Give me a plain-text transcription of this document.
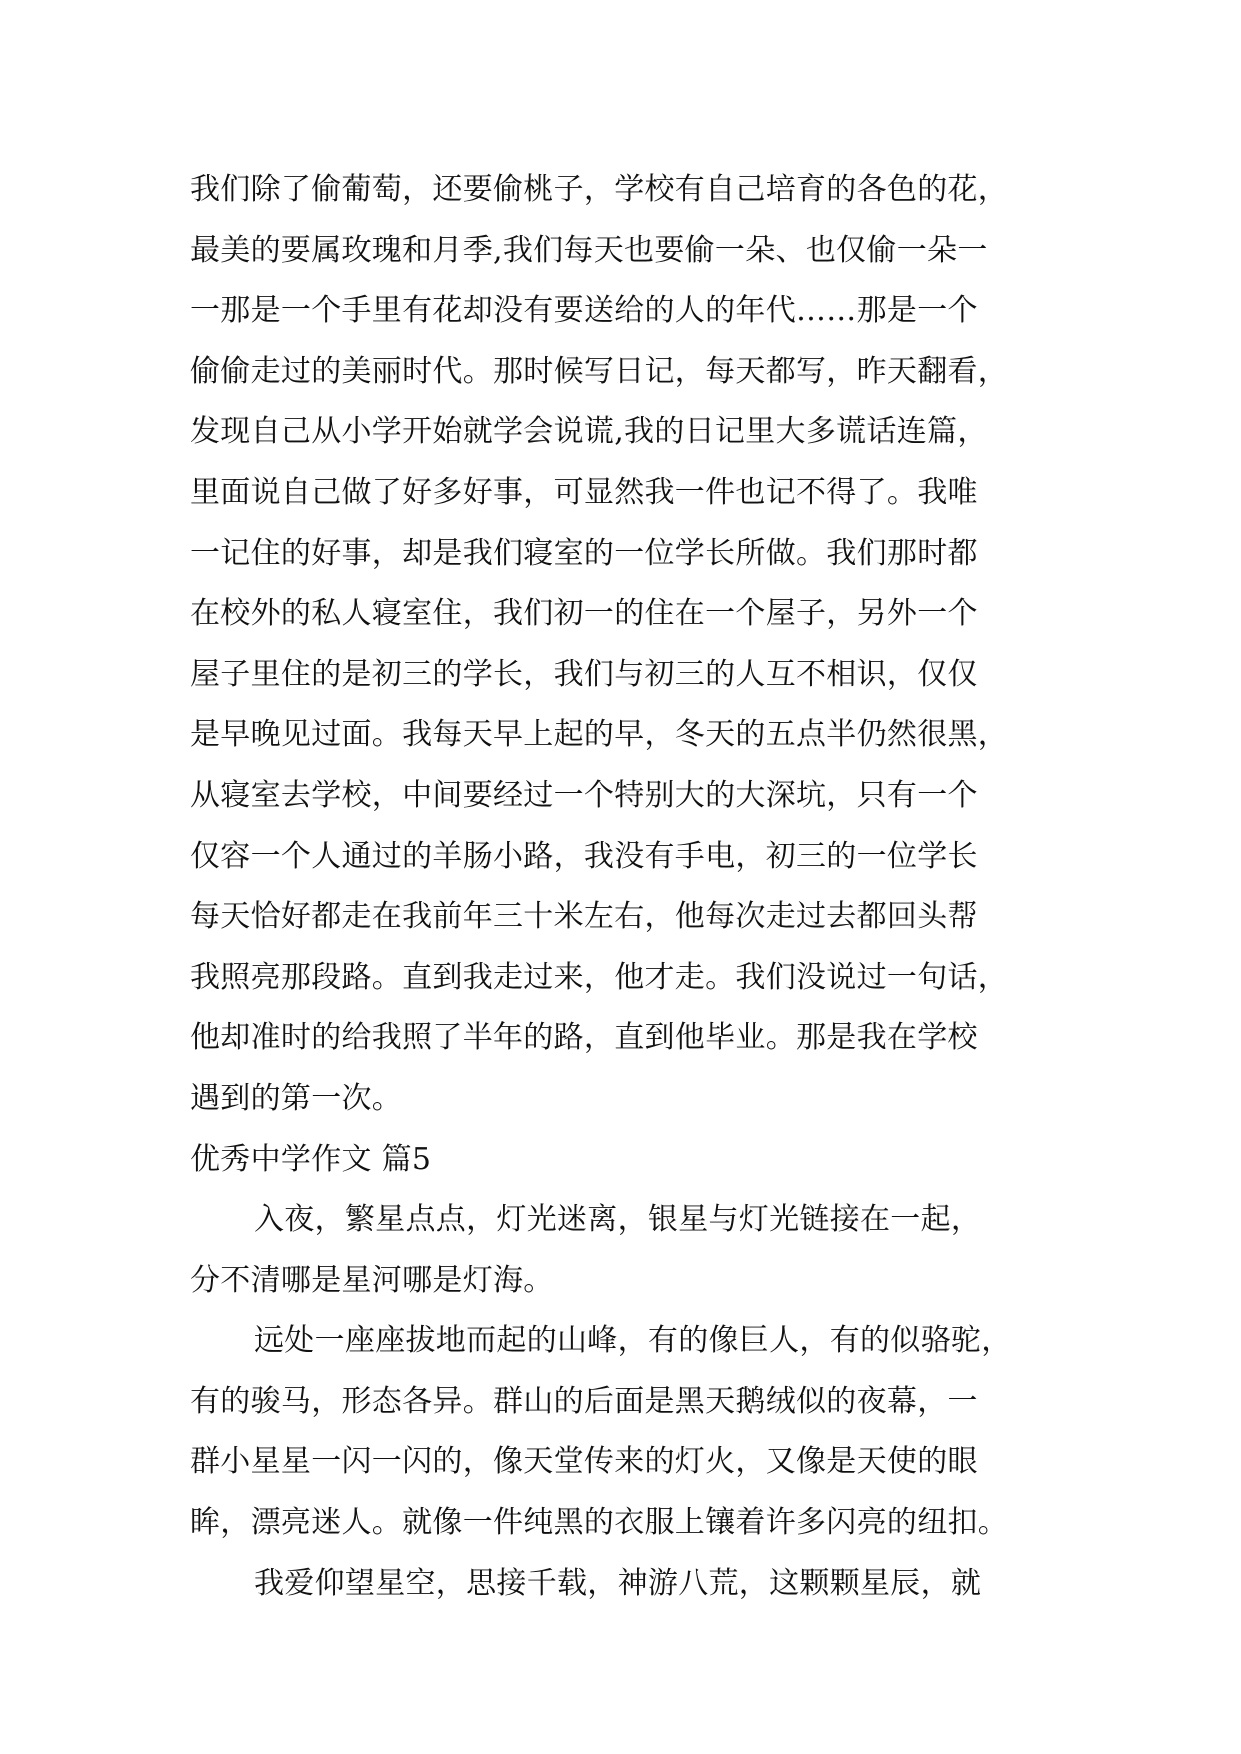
我们除了偷葡萄，还要偷桃子，学校有自己培育的各色的花，
最美的要属玫瑰和月季,我们每天也要偷一朵、也仅偷一朵一
一那是一个手里有花却没有要送给的人的年代……那是一个
偷偷走过的美丽时代。那时候写日记，每天都写，昨天翻看，
发现自己从小学开始就学会说谎,我的日记里大多谎话连篇，
里面说自己做了好多好事，可显然我一件也记不得了。我唯
一记住的好事，却是我们寝室的一位学长所做。我们那时都
在校外的私人寝室住，我们初一的住在一个屋子，另外一个
屋子里住的是初三的学长，我们与初三的人互不相识，仅仅
是早晚见过面。我每天早上起的早，冬天的五点半仍然很黑，
从寝室去学校，中间要经过一个特别大的大深坑，只有一个
仅容一个人通过的羊肠小路，我没有手电，初三的一位学长
每天恰好都走在我前年三十米左右，他每次走过去都回头帮
我照亮那段路。直到我走过来，他才走。我们没说过一句话，
他却准时的给我照了半年的路，直到他毕业。那是我在学校
遇到的第一次。
优秀中学作文 篇5
入夜，繁星点点，灯光迷离，银星与灯光链接在一起，
分不清哪是星河哪是灯海。
远处一座座拔地而起的山峰，有的像巨人，有的似骆驼，
有的骏马，形态各异。群山的后面是黑天鹅绒似的夜幕，一
群小星星一闪一闪的，像天堂传来的灯火，又像是天使的眼
眸，漂亮迷人。就像一件纯黑的衣服上镶着许多闪亮的纽扣。
我爱仰望星空，思接千载，神游八荒，这颗颗星辰，就
